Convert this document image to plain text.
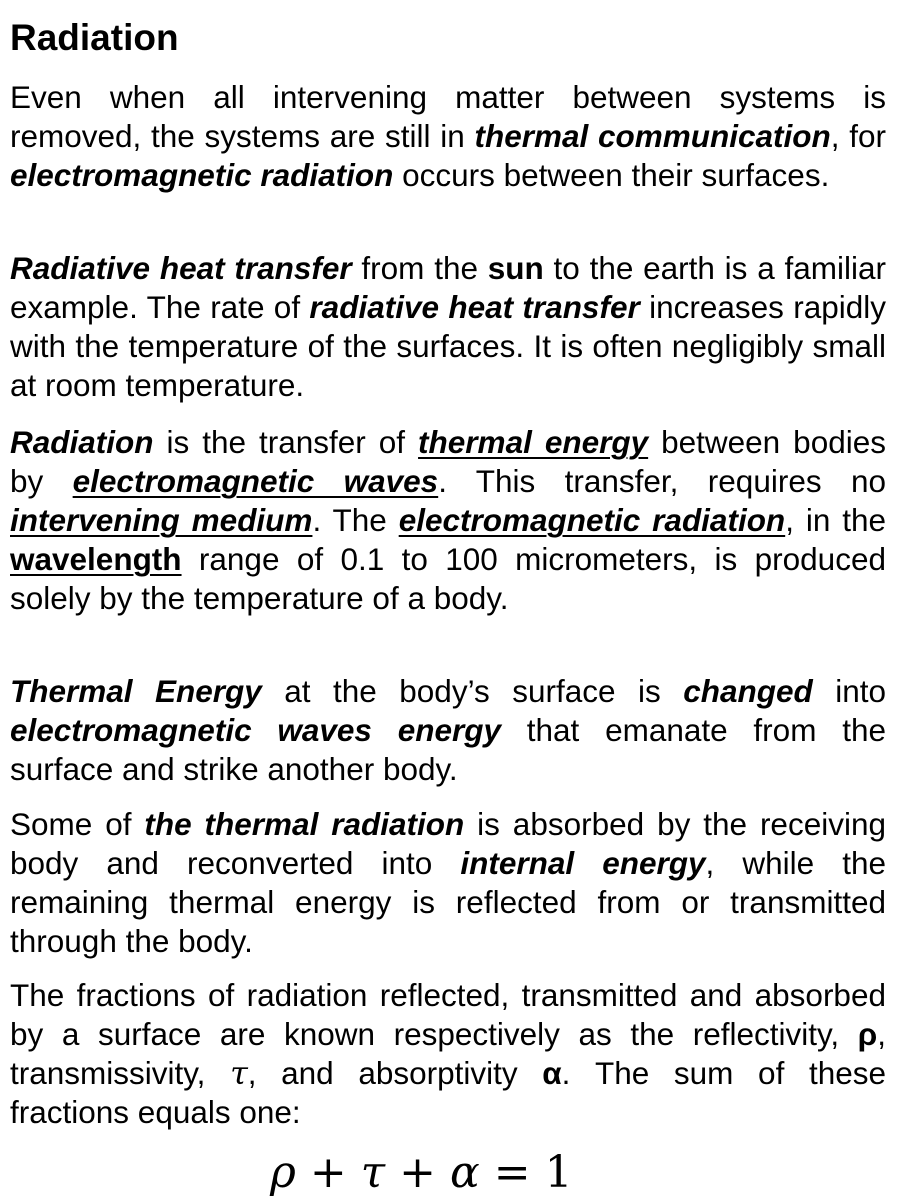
Radiation

Even when all intervening matter between systems is removed, the systems are still in thermal communication, for electromagnetic radiation occurs between their surfaces.

Radiative heat transfer from the sun to the earth is a familiar example. The rate of radiative heat transfer increases rapidly with the temperature of the surfaces. It is often negligibly small at room temperature.

Radiation is the transfer of thermal energy between bodies by electromagnetic waves. This transfer, requires no intervening medium. The electromagnetic radiation, in the wavelength range of 0.1 to 100 micrometers, is produced solely by the temperature of a body.

Thermal Energy at the body’s surface is changed into electromagnetic waves energy that emanate from the surface and strike another body.

Some of the thermal radiation is absorbed by the receiving body and reconverted into internal energy, while the remaining thermal energy is reflected from or transmitted through the body.

The fractions of radiation reflected, transmitted and absorbed by a surface are known respectively as the reflectivity, ρ, transmissivity, τ, and absorptivity α. The sum of these fractions equals one:

ρ + τ + α = 1
